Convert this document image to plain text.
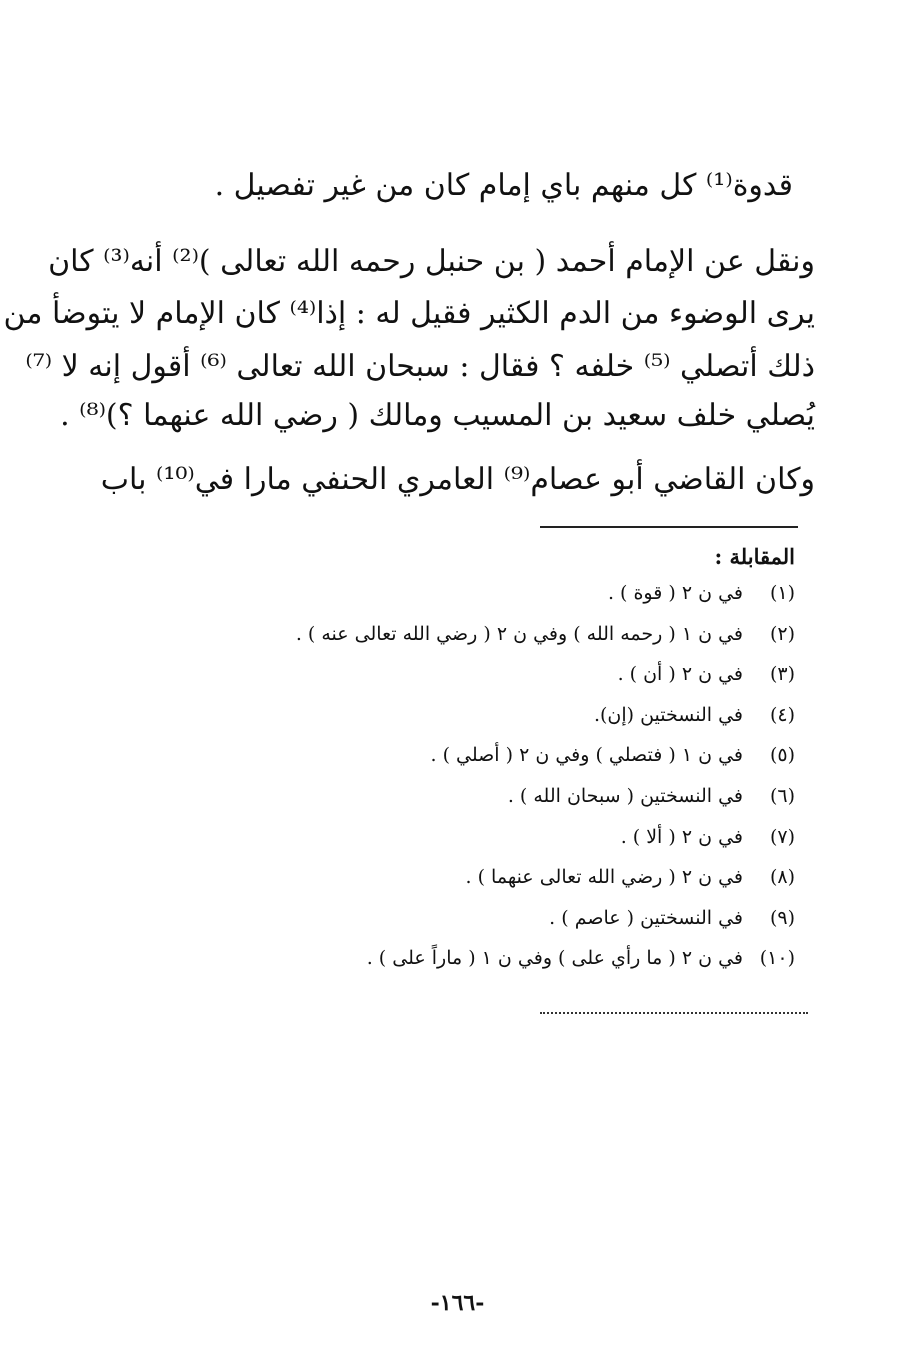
قدوة⁽¹⁾ كل منهم باي إمام كان من غير تفصيل .
ونقل عن الإمام أحمد ( بن حنبل رحمه الله تعالى )⁽²⁾ أنه⁽³⁾ كان
يرى الوضوء من الدم الكثير فقيل له : إذا⁽⁴⁾ كان الإمام لا يتوضأ من
ذلك أتصلي ⁽⁵⁾ خلفه ؟ فقال : سبحان الله تعالى ⁽⁶⁾ أقول إنه لا ⁽⁷⁾
يُصلي خلف سعيد بن المسيب ومالك ( رضي الله عنهما ؟)⁽⁸⁾ .
وكان القاضي أبو عصام⁽⁹⁾ العامري الحنفي مارا في⁽¹⁰⁾ باب
المقابلة :
(١)في ن ٢ ( قوة ) .
(٢)في ن ١ ( رحمه الله ) وفي ن ٢ ( رضي الله تعالى عنه ) .
(٣)في ن ٢ ( أن ) .
(٤)في النسختين (إن).
(٥)في ن ١ ( فتصلي ) وفي ن ٢ ( أصلي ) .
(٦)في النسختين ( سبحان الله ) .
(٧)في ن ٢ ( ألا ) .
(٨)في ن ٢ ( رضي الله تعالى عنهما ) .
(٩)في النسختين ( عاصم ) .
(١٠)في ن ٢ ( ما رأي على ) وفي ن ١ ( ماراً على ) .
-١٦٦-
